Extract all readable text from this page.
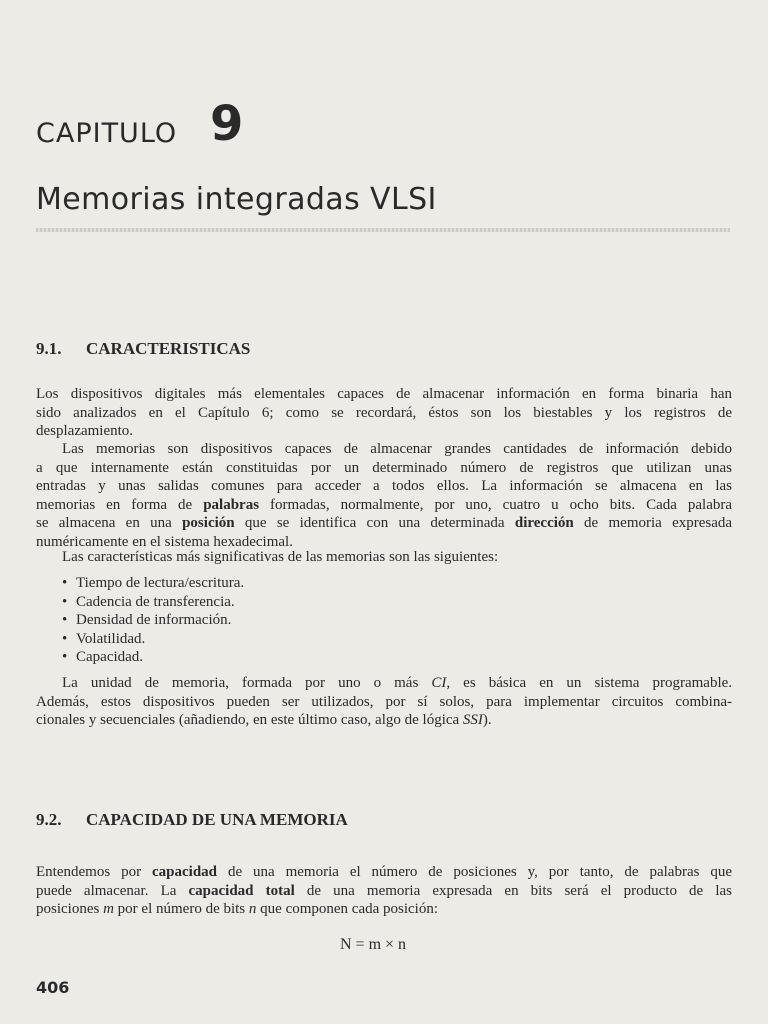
CAPITULO 9
Memorias integradas VLSI
9.1. CARACTERISTICAS
Los dispositivos digitales más elementales capaces de almacenar información en forma binaria han
sido analizados en el Capítulo 6; como se recordará, éstos son los biestables y los registros de
desplazamiento.
Las memorias son dispositivos capaces de almacenar grandes cantidades de información debido
a que internamente están constituidas por un determinado número de registros que utilizan unas
entradas y unas salidas comunes para acceder a todos ellos. La información se almacena en las
memorias en forma de palabras formadas, normalmente, por uno, cuatro u ocho bits. Cada palabra
se almacena en una posición que se identifica con una determinada dirección de memoria expresada
numéricamente en el sistema hexadecimal.
Las características más significativas de las memorias son las siguientes:
• Tiempo de lectura/escritura.
• Cadencia de transferencia.
• Densidad de información.
• Volatilidad.
• Capacidad.
La unidad de memoria, formada por uno o más CI, es básica en un sistema programable.
Además, estos dispositivos pueden ser utilizados, por sí solos, para implementar circuitos combina-
cionales y secuenciales (añadiendo, en este último caso, algo de lógica SSI).
9.2. CAPACIDAD DE UNA MEMORIA
Entendemos por capacidad de una memoria el número de posiciones y, por tanto, de palabras que
puede almacenar. La capacidad total de una memoria expresada en bits será el producto de las
posiciones m por el número de bits n que componen cada posición:
N = m × n
406
